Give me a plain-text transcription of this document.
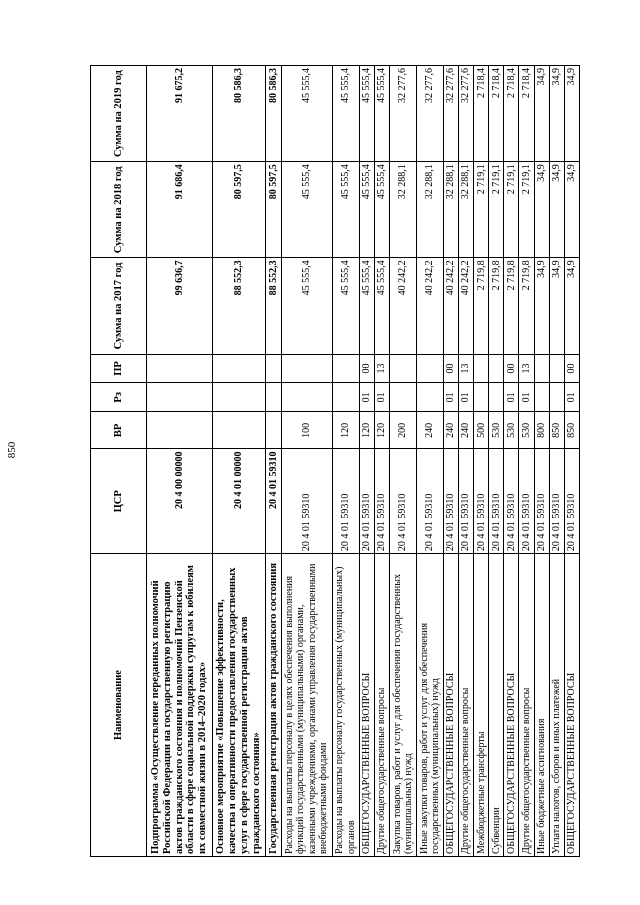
850
Наименование	ЦСР	ВР	Рз	ПР	Сумма на 2017 год	Сумма на 2018 год	Сумма на 2019 год
Подпрограмма «Осуществление переданных полномочий Российской Федерации на государственную регистрацию актов гражданского состояния и полномочий Пензенской области в сфере социальной поддержки супругам к юбилеям их совместной жизни в 2014–2020 годах»	20 4 00 00000				99 636,7	91 686,4	91 675,2
Основное мероприятие «Повышение эффективности, качества и оперативности предоставления государственных услуг в сфере государственной регистрации актов гражданского состояния»	20 4 01 00000				88 552,3	80 597,5	80 586,3
Государственная регистрация актов гражданского состояния	20 4 01 59310				88 552,3	80 597,5	80 586,3
Расходы на выплаты персоналу в целях обеспечения выполнения функций государственными (муниципальными) органами, казенными учреждениями, органами управления государственными внебюджетными фондами	20 4 01 59310	100			45 555,4	45 555,4	45 555,4
Расходы на выплаты персоналу государственных (муниципальных) органов	20 4 01 59310	120			45 555,4	45 555,4	45 555,4
ОБЩЕГОСУДАРСТВЕННЫЕ ВОПРОСЫ	20 4 01 59310	120	01	00	45 555,4	45 555,4	45 555,4
Другие общегосударственные вопросы	20 4 01 59310	120	01	13	45 555,4	45 555,4	45 555,4
Закупка товаров, работ и услуг для обеспечения государственных (муниципальных) нужд	20 4 01 59310	200			40 242,2	32 288,1	32 277,6
Иные закупки товаров, работ и услуг для обеспечения государственных (муниципальных) нужд	20 4 01 59310	240			40 242,2	32 288,1	32 277,6
ОБЩЕГОСУДАРСТВЕННЫЕ ВОПРОСЫ	20 4 01 59310	240	01	00	40 242,2	32 288,1	32 277,6
Другие общегосударственные вопросы	20 4 01 59310	240	01	13	40 242,2	32 288,1	32 277,6
Межбюджетные трансферты	20 4 01 59310	500			2 719,8	2 719,1	2 718,4
Субвенции	20 4 01 59310	530			2 719,8	2 719,1	2 718,4
ОБЩЕГОСУДАРСТВЕННЫЕ ВОПРОСЫ	20 4 01 59310	530	01	00	2 719,8	2 719,1	2 718,4
Другие общегосударственные вопросы	20 4 01 59310	530	01	13	2 719,8	2 719,1	2 718,4
Иные бюджетные ассигнования	20 4 01 59310	800			34,9	34,9	34,9
Уплата налогов, сборов и иных платежей	20 4 01 59310	850			34,9	34,9	34,9
ОБЩЕГОСУДАРСТВЕННЫЕ ВОПРОСЫ	20 4 01 59310	850	01	00	34,9	34,9	34,9
